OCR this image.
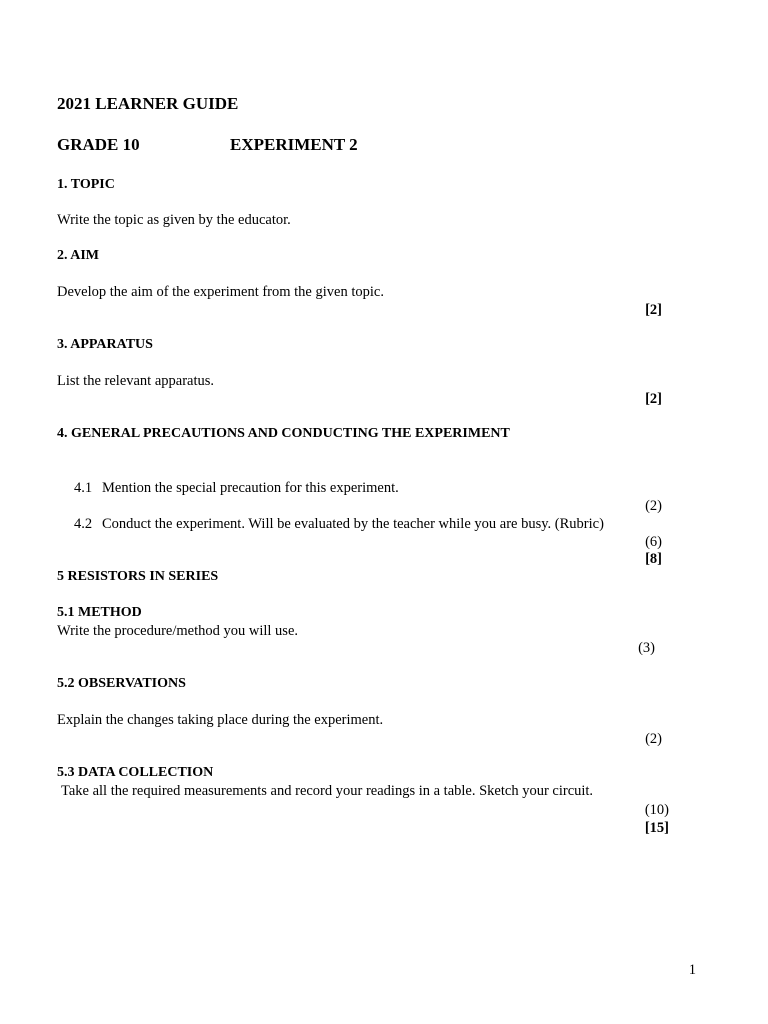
2021 LEARNER GUIDE
GRADE 10	EXPERIMENT 2
1. TOPIC
Write the topic as given by the educator.
2. AIM
Develop the aim of the experiment from the given topic.
[2]
3. APPARATUS
List the relevant apparatus.
[2]
4. GENERAL PRECAUTIONS AND CONDUCTING THE EXPERIMENT
4.1 Mention the special precaution for this experiment.
(2)
4.2 Conduct the experiment. Will be evaluated by the teacher while you are busy. (Rubric)
(6)
[8]
5 RESISTORS IN SERIES
5.1 METHOD
Write the procedure/method you will use.
(3)
5.2 OBSERVATIONS
Explain the changes taking place during the experiment.
(2)
5.3 DATA COLLECTION
Take all the required measurements and record your readings in a table. Sketch your circuit.
(10)
[15]
1
